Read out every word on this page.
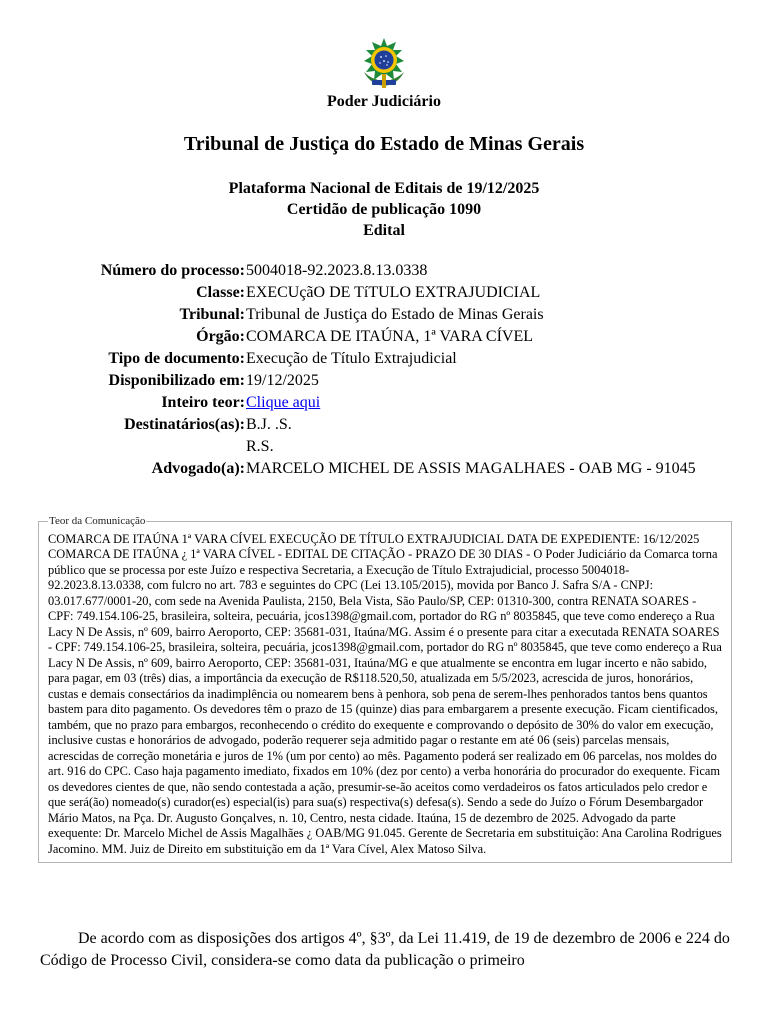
Poder Judiciário
Tribunal de Justiça do Estado de Minas Gerais
Plataforma Nacional de Editais de 19/12/2025
Certidão de publicação 1090
Edital
Número do processo: 5004018-92.2023.8.13.0338
Classe: EXECUçãO DE TíTULO EXTRAJUDICIAL
Tribunal: Tribunal de Justiça do Estado de Minas Gerais
Órgão: COMARCA DE ITAÚNA, 1ª VARA CÍVEL
Tipo de documento: Execução de Título Extrajudicial
Disponibilizado em: 19/12/2025
Inteiro teor: Clique aqui
Destinatários(as): B.J. .S.
R.S.
Advogado(a): MARCELO MICHEL DE ASSIS MAGALHAES - OAB MG - 91045
Teor da Comunicação

COMARCA DE ITAÚNA 1ª VARA CÍVEL EXECUÇÃO DE TÍTULO EXTRAJUDICIAL DATA DE EXPEDIENTE: 16/12/2025 COMARCA DE ITAÚNA ¿ 1ª VARA CÍVEL - EDITAL DE CITAÇÃO - PRAZO DE 30 DIAS - O Poder Judiciário da Comarca torna público que se processa por este Juízo e respectiva Secretaria, a Execução de Título Extrajudicial, processo 5004018-92.2023.8.13.0338, com fulcro no art. 783 e seguintes do CPC (Lei 13.105/2015), movida por Banco J. Safra S/A - CNPJ: 03.017.677/0001-20, com sede na Avenida Paulista, 2150, Bela Vista, São Paulo/SP, CEP: 01310-300, contra RENATA SOARES - CPF: 749.154.106-25, brasileira, solteira, pecuária, jcos1398@gmail.com, portador do RG nº 8035845, que teve como endereço a Rua Lacy N De Assis, nº 609, bairro Aeroporto, CEP: 35681-031, Itaúna/MG. Assim é o presente para citar a executada RENATA SOARES - CPF: 749.154.106-25, brasileira, solteira, pecuária, jcos1398@gmail.com, portador do RG nº 8035845, que teve como endereço a Rua Lacy N De Assis, nº 609, bairro Aeroporto, CEP: 35681-031, Itaúna/MG e que atualmente se encontra em lugar incerto e não sabido, para pagar, em 03 (três) dias, a importância da execução de R$118.520,50, atualizada em 5/5/2023, acrescida de juros, honorários, custas e demais consectários da inadimplência ou nomearem bens à penhora, sob pena de serem-lhes penhorados tantos bens quantos bastem para dito pagamento. Os devedores têm o prazo de 15 (quinze) dias para embargarem a presente execução. Ficam cientificados, também, que no prazo para embargos, reconhecendo o crédito do exequente e comprovando o depósito de 30% do valor em execução, inclusive custas e honorários de advogado, poderão requerer seja admitido pagar o restante em até 06 (seis) parcelas mensais, acrescidas de correção monetária e juros de 1% (um por cento) ao mês. Pagamento poderá ser realizado em 06 parcelas, nos moldes do art. 916 do CPC. Caso haja pagamento imediato, fixados em 10% (dez por cento) a verba honorária do procurador do exequente. Ficam os devedores cientes de que, não sendo contestada a ação, presumir-se-ão aceitos como verdadeiros os fatos articulados pelo credor e que será(ão) nomeado(s) curador(es) especial(is) para sua(s) respectiva(s) defesa(s). Sendo a sede do Juízo o Fórum Desembargador Mário Matos, na Pça. Dr. Augusto Gonçalves, n. 10, Centro, nesta cidade. Itaúna, 15 de dezembro de 2025. Advogado da parte exequente: Dr. Marcelo Michel de Assis Magalhães ¿ OAB/MG 91.045. Gerente de Secretaria em substituição: Ana Carolina Rodrigues Jacomino. MM. Juiz de Direito em substituição em da 1ª Vara Cível, Alex Matoso Silva.

De acordo com as disposições dos artigos 4º, §3º, da Lei 11.419, de 19 de dezembro de 2006 e 224 do Código de Processo Civil, considera-se como data da publicação o primeiro
